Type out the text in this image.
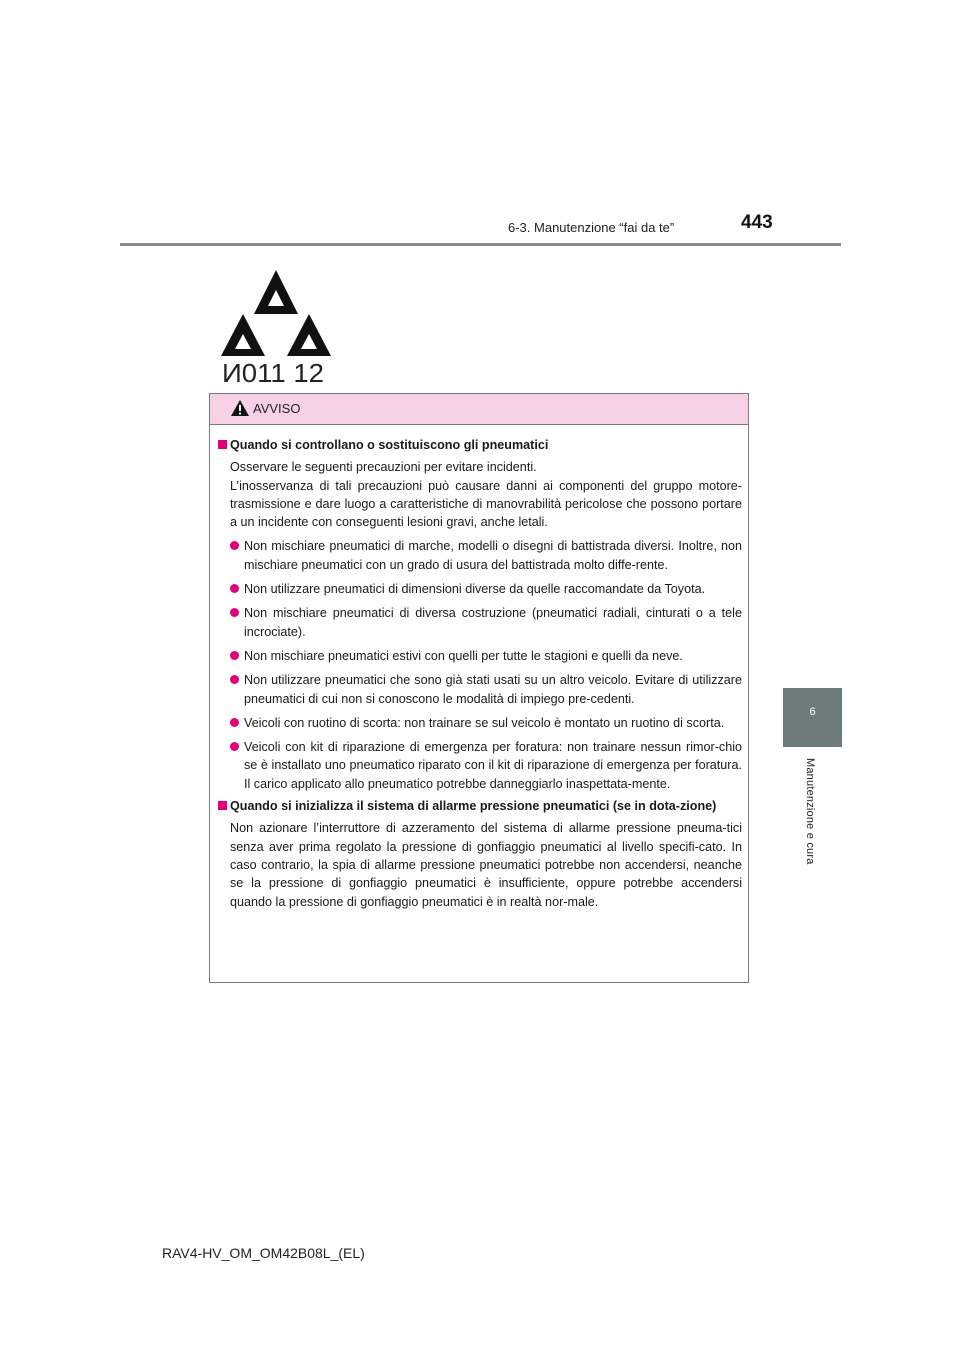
6-3. Manutenzione “fai da te”	443
6
Manutenzione e cura
И011 12
AVVISO
Quando si controllano o sostituiscono gli pneumatici
Osservare le seguenti precauzioni per evitare incidenti.
L’inosservanza di tali precauzioni può causare danni ai componenti del gruppo motore-trasmissione e dare luogo a caratteristiche di manovrabilità pericolose che possono portare a un incidente con conseguenti lesioni gravi, anche letali.
Non mischiare pneumatici di marche, modelli o disegni di battistrada diversi. Inoltre, non mischiare pneumatici con un grado di usura del battistrada molto diffe-rente.
Non utilizzare pneumatici di dimensioni diverse da quelle raccomandate da Toyota.
Non mischiare pneumatici di diversa costruzione (pneumatici radiali, cinturati o a tele incrociate).
Non mischiare pneumatici estivi con quelli per tutte le stagioni e quelli da neve.
Non utilizzare pneumatici che sono già stati usati su un altro veicolo. Evitare di utilizzare pneumatici di cui non si conoscono le modalità di impiego pre-cedenti.
Veicoli con ruotino di scorta: non trainare se sul veicolo è montato un ruotino di scorta.
Veicoli con kit di riparazione di emergenza per foratura: non trainare nessun rimor-chio se è installato uno pneumatico riparato con il kit di riparazione di emergenza per foratura. Il carico applicato allo pneumatico potrebbe danneggiarlo inaspettata-mente.
Quando si inizializza il sistema di allarme pressione pneumatici (se in dota-zione)
Non azionare l’interruttore di azzeramento del sistema di allarme pressione pneuma-tici senza aver prima regolato la pressione di gonfiaggio pneumatici al livello specifi-cato. In caso contrario, la spia di allarme pressione pneumatici potrebbe non accendersi, neanche se la pressione di gonfiaggio pneumatici è insufficiente, oppure potrebbe accendersi quando la pressione di gonfiaggio pneumatici è in realtà nor-male.
RAV4-HV_OM_OM42B08L_(EL)
